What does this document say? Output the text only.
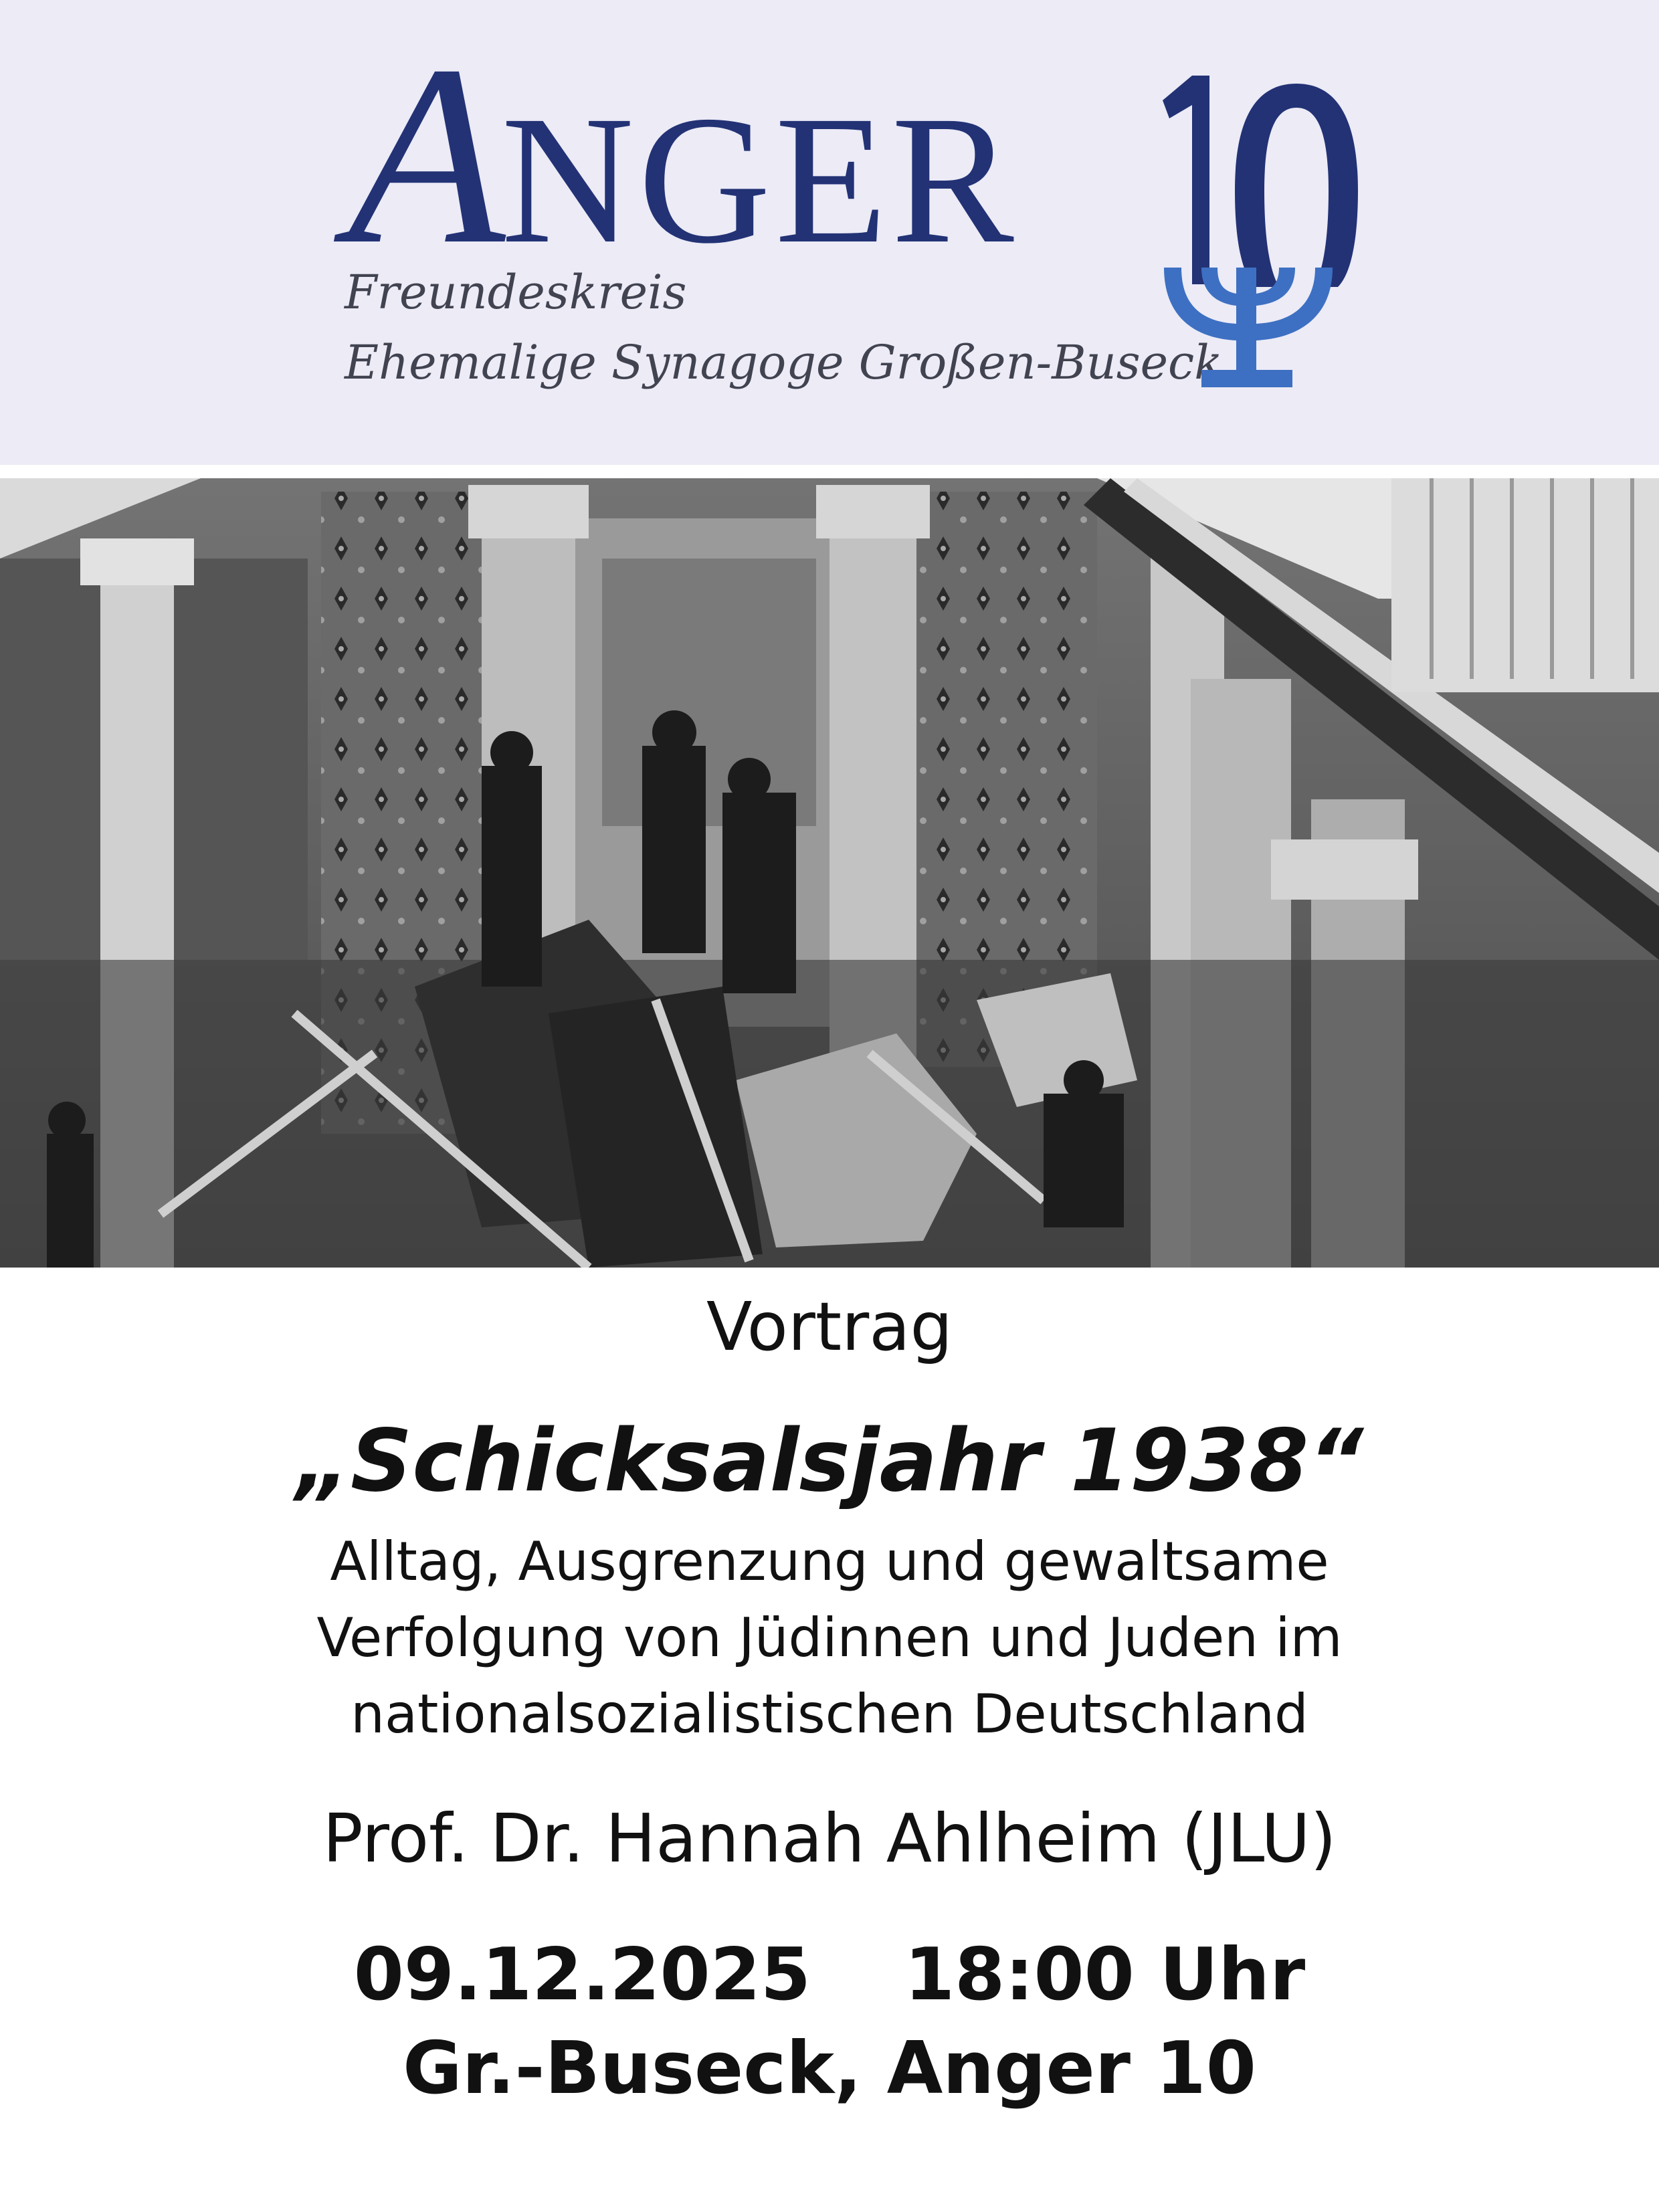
ANGER
Freundeskreis
Ehemalige Synagoge Großen-Buseck
Vortrag
„Schicksalsjahr 1938“
Alltag, Ausgrenzung und gewaltsame
Verfolgung von Jüdinnen und Juden im
nationalsozialistischen Deutschland
Prof. Dr. Hannah Ahlheim (JLU)
09.12.2025 18:00 Uhr
Gr.-Buseck, Anger 10
